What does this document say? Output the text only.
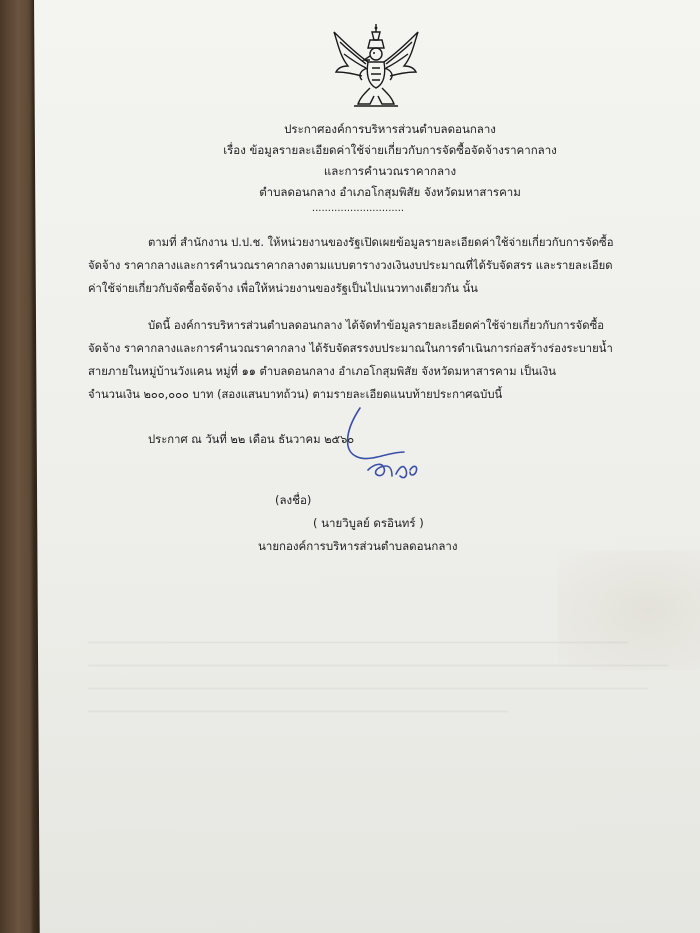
ประกาศองค์การบริหารส่วนตำบลดอนกลาง
เรื่อง ข้อมูลรายละเอียดค่าใช้จ่ายเกี่ยวกับการจัดซื้อจัดจ้างราคากลาง
และการคำนวณราคากลาง
ตำบลดอนกลาง อำเภอโกสุมพิสัย จังหวัดมหาสารคาม
.............................
ตามที่ สำนักงาน ป.ป.ช. ให้หน่วยงานของรัฐเปิดเผยข้อมูลรายละเอียดค่าใช้จ่ายเกี่ยวกับการจัดซื้อ
จัดจ้าง ราคากลางและการคำนวณราคากลางตามแบบตารางวงเงินงบประมาณที่ได้รับจัดสรร และรายละเอียด
ค่าใช้จ่ายเกี่ยวกับจัดซื้อจัดจ้าง เพื่อให้หน่วยงานของรัฐเป็นไปแนวทางเดียวกัน นั้น
บัดนี้ องค์การบริหารส่วนตำบลดอนกลาง ได้จัดทำข้อมูลรายละเอียดค่าใช้จ่ายเกี่ยวกับการจัดซื้อ
จัดจ้าง ราคากลางและการคำนวณราคากลาง ได้รับจัดสรรงบประมาณในการดำเนินการก่อสร้างร่องระบายน้ำ
สายภายในหมู่บ้านวังแคน หมู่ที่ ๑๑ ตำบลดอนกลาง อำเภอโกสุมพิสัย จังหวัดมหาสารคาม เป็นเงิน
จำนวนเงิน ๒๐๐,๐๐๐ บาท (สองแสนบาทถ้วน) ตามรายละเอียดแนบท้ายประกาศฉบับนี้
ประกาศ ณ วันที่ ๒๒ เดือน ธันวาคม ๒๕๖๐
(ลงชื่อ)
( นายวิบูลย์ ดรอินทร์ )
นายกองค์การบริหารส่วนตำบลดอนกลาง
